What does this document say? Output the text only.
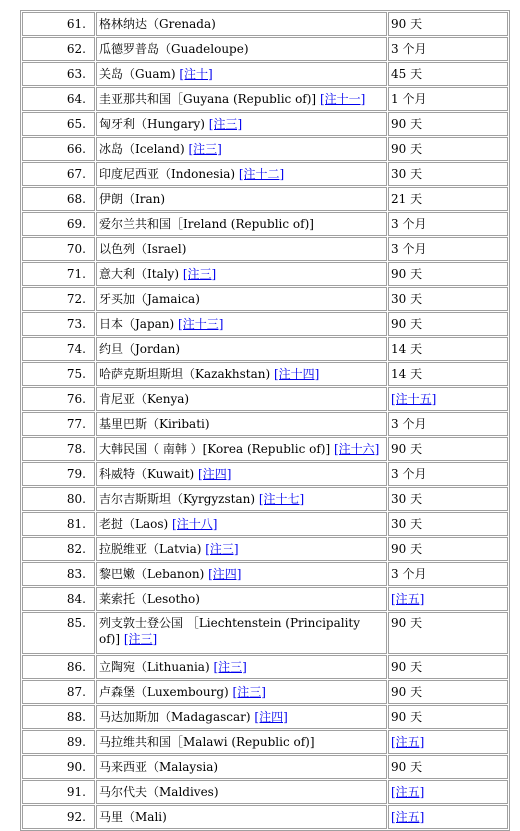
61.	格林纳达（Grenada)	90 天
62.	瓜德罗普岛（Guadeloupe)	3 个月
63.	关岛（Guam) [注十]	45 天
64.	圭亚那共和国［Guyana (Republic of)] [注十一]	1 个月
65.	匈牙利（Hungary) [注三]	90 天
66.	冰岛（Iceland) [注三]	90 天
67.	印度尼西亚（Indonesia) [注十二]	30 天
68.	伊朗（Iran)	21 天
69.	爱尔兰共和国［Ireland (Republic of)]	3 个月
70.	以色列（Israel)	3 个月
71.	意大利（Italy) [注三]	90 天
72.	牙买加（Jamaica)	30 天
73.	日本（Japan) [注十三]	90 天
74.	约旦（Jordan)	14 天
75.	哈萨克斯坦斯坦（Kazakhstan) [注十四]	14 天
76.	肯尼亚（Kenya)	[注十五]
77.	基里巴斯（Kiribati)	3 个月
78.	大韩民国（ 南韩 ）[Korea (Republic of)] [注十六]	90 天
79.	科威特（Kuwait) [注四]	3 个月
80.	吉尔吉斯斯坦（Kyrgyzstan) [注十七]	30 天
81.	老挝（Laos) [注十八]	30 天
82.	拉脱维亚（Latvia) [注三]	90 天
83.	黎巴嫩（Lebanon) [注四]	3 个月
84.	莱索托（Lesotho)	[注五]
85.	列支敦士登公国 ［Liechtenstein (Principality of)] [注三]	90 天
86.	立陶宛（Lithuania) [注三]	90 天
87.	卢森堡（Luxembourg) [注三]	90 天
88.	马达加斯加（Madagascar) [注四]	90 天
89.	马拉维共和国［Malawi (Republic of)]	[注五]
90.	马来西亚（Malaysia)	90 天
91.	马尔代夫（Maldives)	[注五]
92.	马里（Mali)	[注五]
